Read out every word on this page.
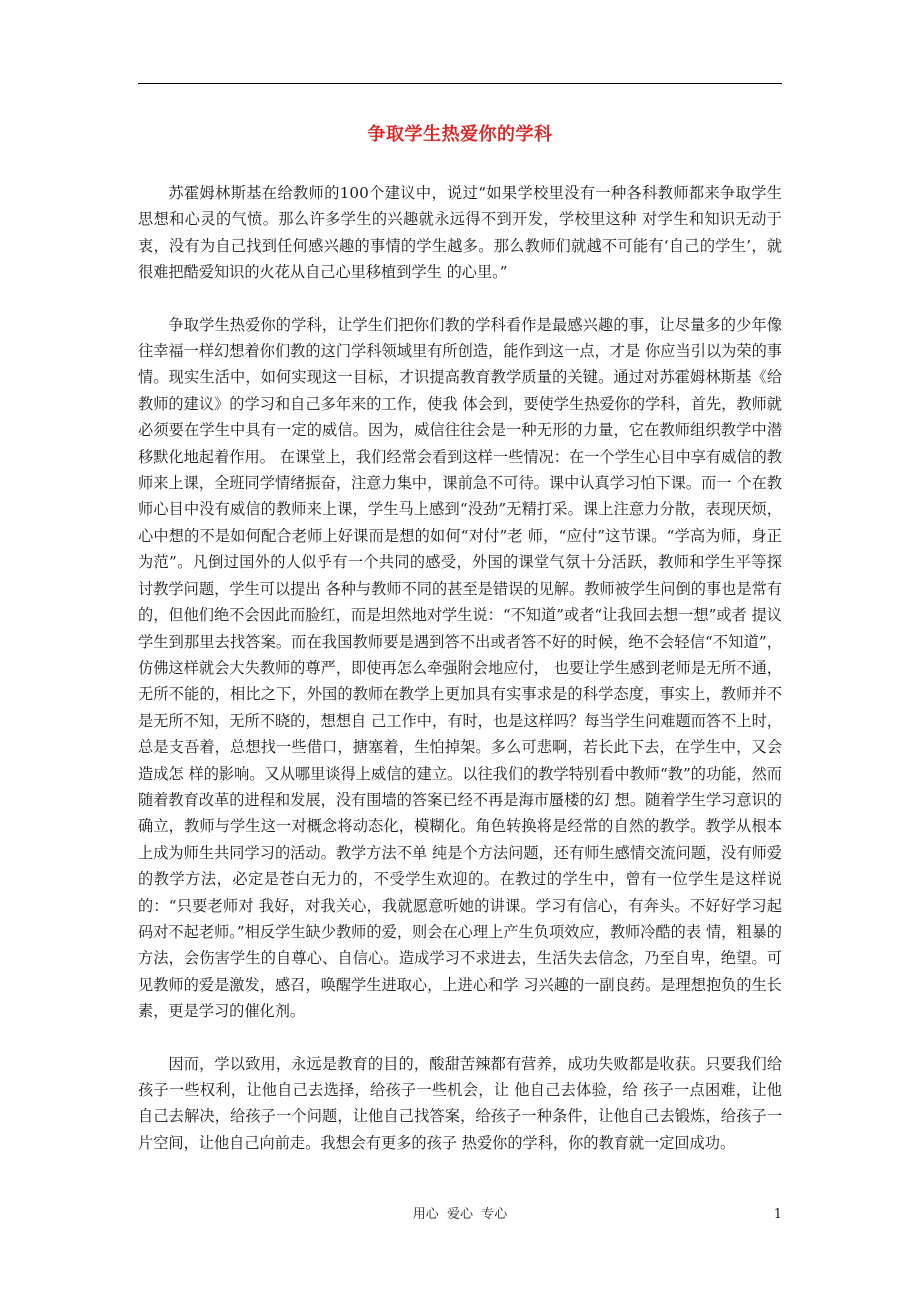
争取学生热爱你的学科

苏霍姆林斯基在给教师的100个建议中，说过“如果学校里没有一种各科教师都来争取学生思想和心灵的气愤。那么许多学生的兴趣就永远得不到开发，学校里这种 对学生和知识无动于衷，没有为自己找到任何感兴趣的事情的学生越多。那么教师们就越不可能有‘自己的学生’，就很难把酷爱知识的火花从自己心里移植到学生 的心里。”

争取学生热爱你的学科，让学生们把你们教的学科看作是最感兴趣的事，让尽量多的少年像往幸福一样幻想着你们教的这门学科领域里有所创造，能作到这一点，才是 你应当引以为荣的事情。现实生活中，如何实现这一目标，才识提高教育教学质量的关键。通过对苏霍姆林斯基《给教师的建议》的学习和自己多年来的工作，使我 体会到，要使学生热爱你的学科，首先，教师就必须要在学生中具有一定的威信。因为，威信往往会是一种无形的力量，它在教师组织教学中潜移默化地起着作用。 在课堂上，我们经常会看到这样一些情况：在一个学生心目中享有威信的教师来上课，全班同学情绪振奋，注意力集中，课前急不可待。课中认真学习怕下课。而一 个在教师心目中没有威信的教师来上课，学生马上感到“没劲”无精打采。课上注意力分散，表现厌烦，心中想的不是如何配合老师上好课而是想的如何“对付”老 师，“应付”这节课。“学高为师，身正为范”。凡倒过国外的人似乎有一个共同的感受，外国的课堂气氛十分活跃，教师和学生平等探讨教学问题，学生可以提出 各种与教师不同的甚至是错误的见解。教师被学生问倒的事也是常有的，但他们绝不会因此而脸红，而是坦然地对学生说：“不知道”或者“让我回去想一想”或者 提议学生到那里去找答案。而在我国教师要是遇到答不出或者答不好的时候，绝不会轻信“不知道”，仿佛这样就会大失教师的尊严，即使再怎么牵强附会地应付， 也要让学生感到老师是无所不通，无所不能的，相比之下，外国的教师在教学上更加具有实事求是的科学态度，事实上，教师并不是无所不知，无所不晓的，想想自 己工作中，有时，也是这样吗？每当学生问难题而答不上时，总是支吾着，总想找一些借口，搪塞着，生怕掉架。多么可悲啊，若长此下去，在学生中，又会造成怎 样的影响。又从哪里谈得上威信的建立。以往我们的教学特别看中教师“教”的功能，然而随着教育改革的进程和发展，没有围墙的答案已经不再是海市蜃楼的幻 想。随着学生学习意识的确立，教师与学生这一对概念将动态化，模糊化。角色转换将是经常的自然的教学。教学从根本上成为师生共同学习的活动。教学方法不单 纯是个方法问题，还有师生感情交流问题，没有师爱的教学方法，必定是苍白无力的，不受学生欢迎的。在教过的学生中，曾有一位学生是这样说的：“只要老师对 我好，对我关心，我就愿意听她的讲课。学习有信心，有奔头。不好好学习起码对不起老师。”相反学生缺少教师的爱，则会在心理上产生负项效应，教师冷酷的表 情，粗暴的方法，会伤害学生的自尊心、自信心。造成学习不求进去，生活失去信念，乃至自卑，绝望。可见教师的爱是激发，感召，唤醒学生进取心，上进心和学 习兴趣的一副良药。是理想抱负的生长素，更是学习的催化剂。

因而，学以致用，永远是教育的目的，酸甜苦辣都有营养，成功失败都是收获。只要我们给孩子一些权利，让他自己去选择，给孩子一些机会，让 他自己去体验，给 孩子一点困难，让他自己去解决，给孩子一个问题，让他自己找答案，给孩子一种条件，让他自己去锻炼，给孩子一片空间，让他自己向前走。我想会有更多的孩子 热爱你的学科，你的教育就一定回成功。

用心  爱心  专心	1
